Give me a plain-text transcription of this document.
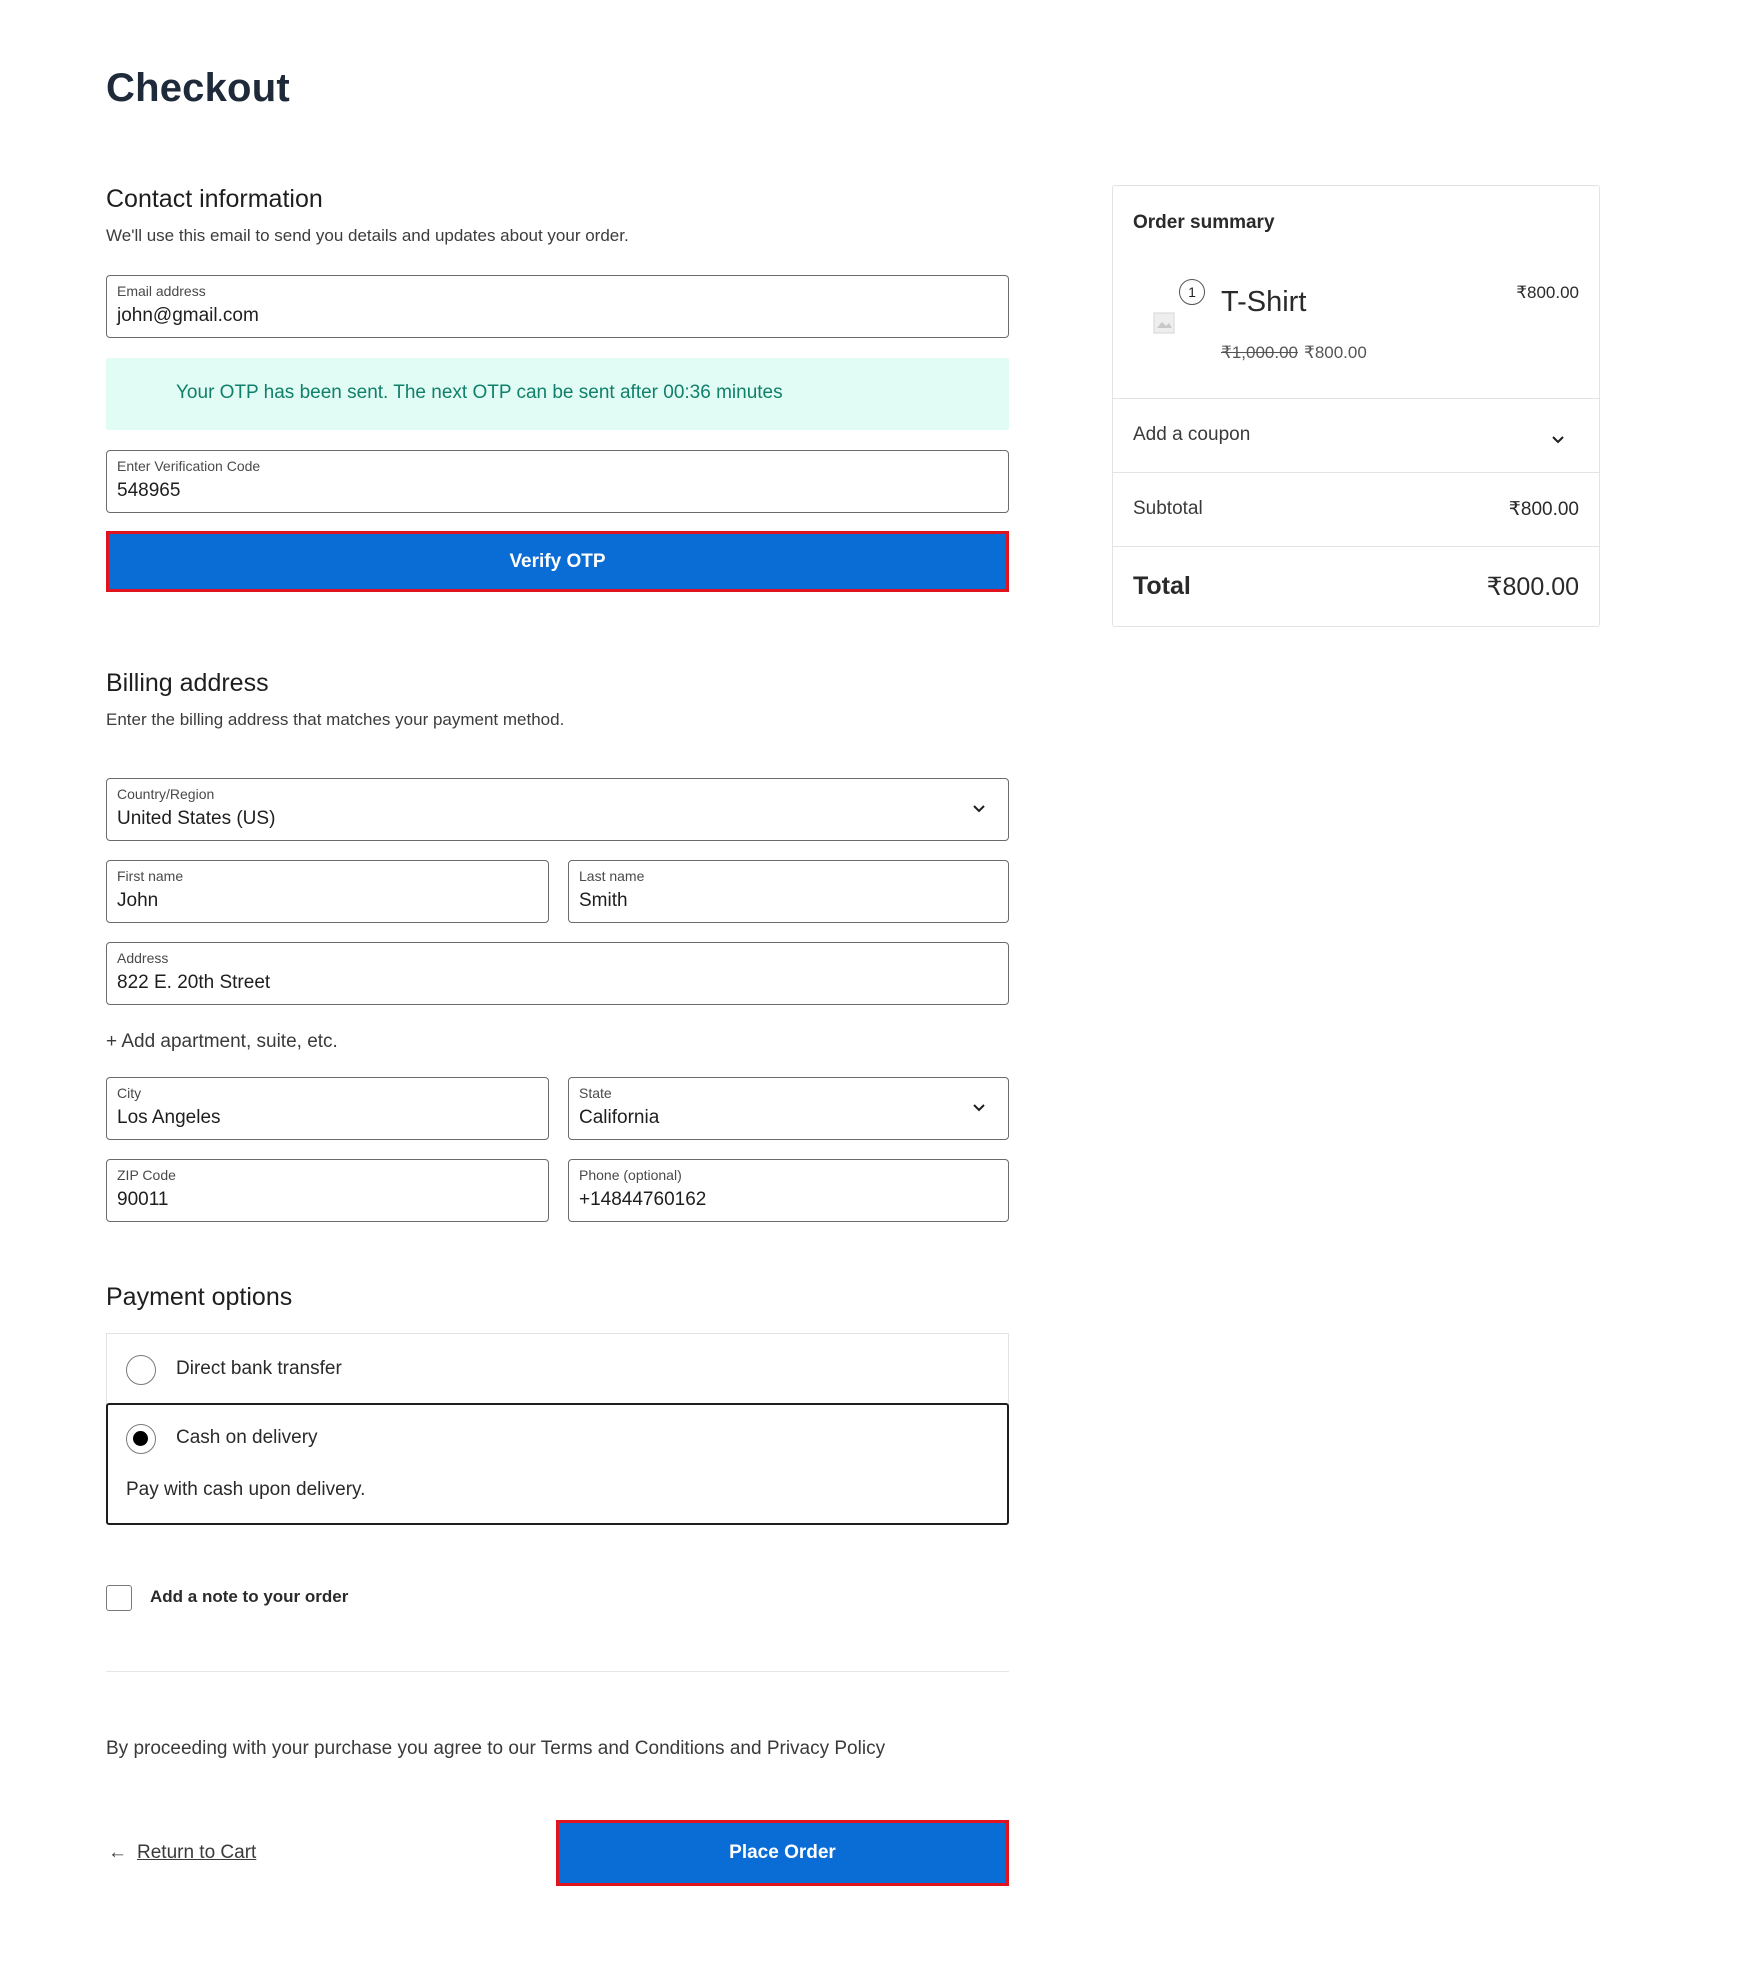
Checkout
Contact information

We'll use this email to send you details and updates about your order.

Email address
john@gmail.com
Your OTP has been sent. The next OTP can be sent after 00:36 minutes
Enter Verification Code
548965
Verify OTP
Billing address

Enter the billing address that matches your payment method.

Country/Region
United States (US)
First name
John
Last name
Smith
Address
822 E. 20th Street
+ Add apartment, suite, etc.
City
Los Angeles
State
California
ZIP Code
90011
Phone (optional)
+14844760162
Payment options
Direct bank transfer
Cash on delivery
Pay with cash upon delivery.
Add a note to your order

By proceeding with your purchase you agree to our Terms and Conditions and Privacy Policy

← Return to Cart	Place Order
Order summary
1 T-Shirt
₹1,000.00 ₹800.00
₹800.00
Add a coupon
Subtotal	₹800.00
Total	₹800.00
